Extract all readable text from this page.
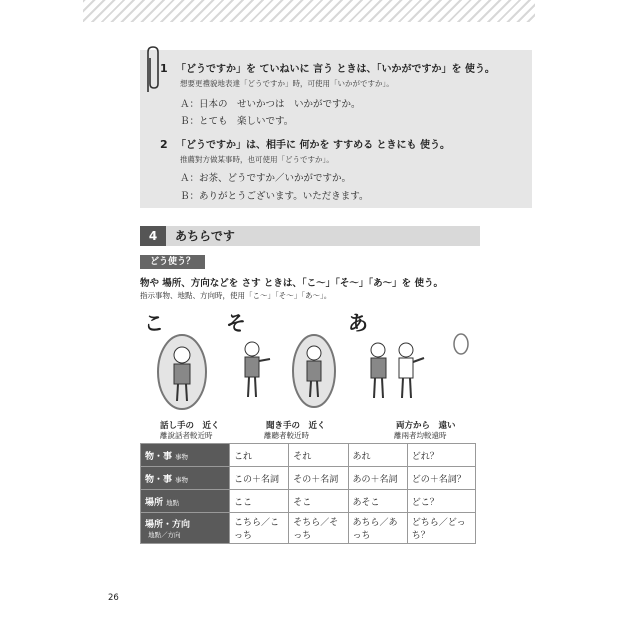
1 「どうですか」を ていねいに 言う ときは、「いかがですか」を 使う。
想要更禮貌地表達「どうですか」時，可使用「いかがですか」。
Ａ：日本の　せいかつは　いかがですか。
Ｂ：とても　楽しいです。
2 「どうですか」は、相手に 何かを すすめる ときにも 使う。
推薦對方做某事時，也可使用「どうですか」。
Ａ：お茶、どうですか／いかがですか。
Ｂ：ありがとうございます。いただきます。
4	あちらです
どう使う？
物や 場所、方向などを さす ときは、「こ～」「そ～」「あ～」を 使う。
指示事物、地點、方向時，使用「こ～」「そ～」「あ～」。
こ	そ	あ
話し手の　近く
離說話者較近時
聞き手の　近く
離聽者較近時
両方から　遠い
離兩者均較遠時
物・事 事物	これ	それ	あれ	どれ？
物・事 事物	この＋名詞	その＋名詞	あの＋名詞	どの＋名詞？
場所 地點	ここ	そこ	あそこ	どこ？
場所・方向
地點／方向	こちら／こっち	そちら／そっち	あちら／あっち	どちら／どっち？
26
